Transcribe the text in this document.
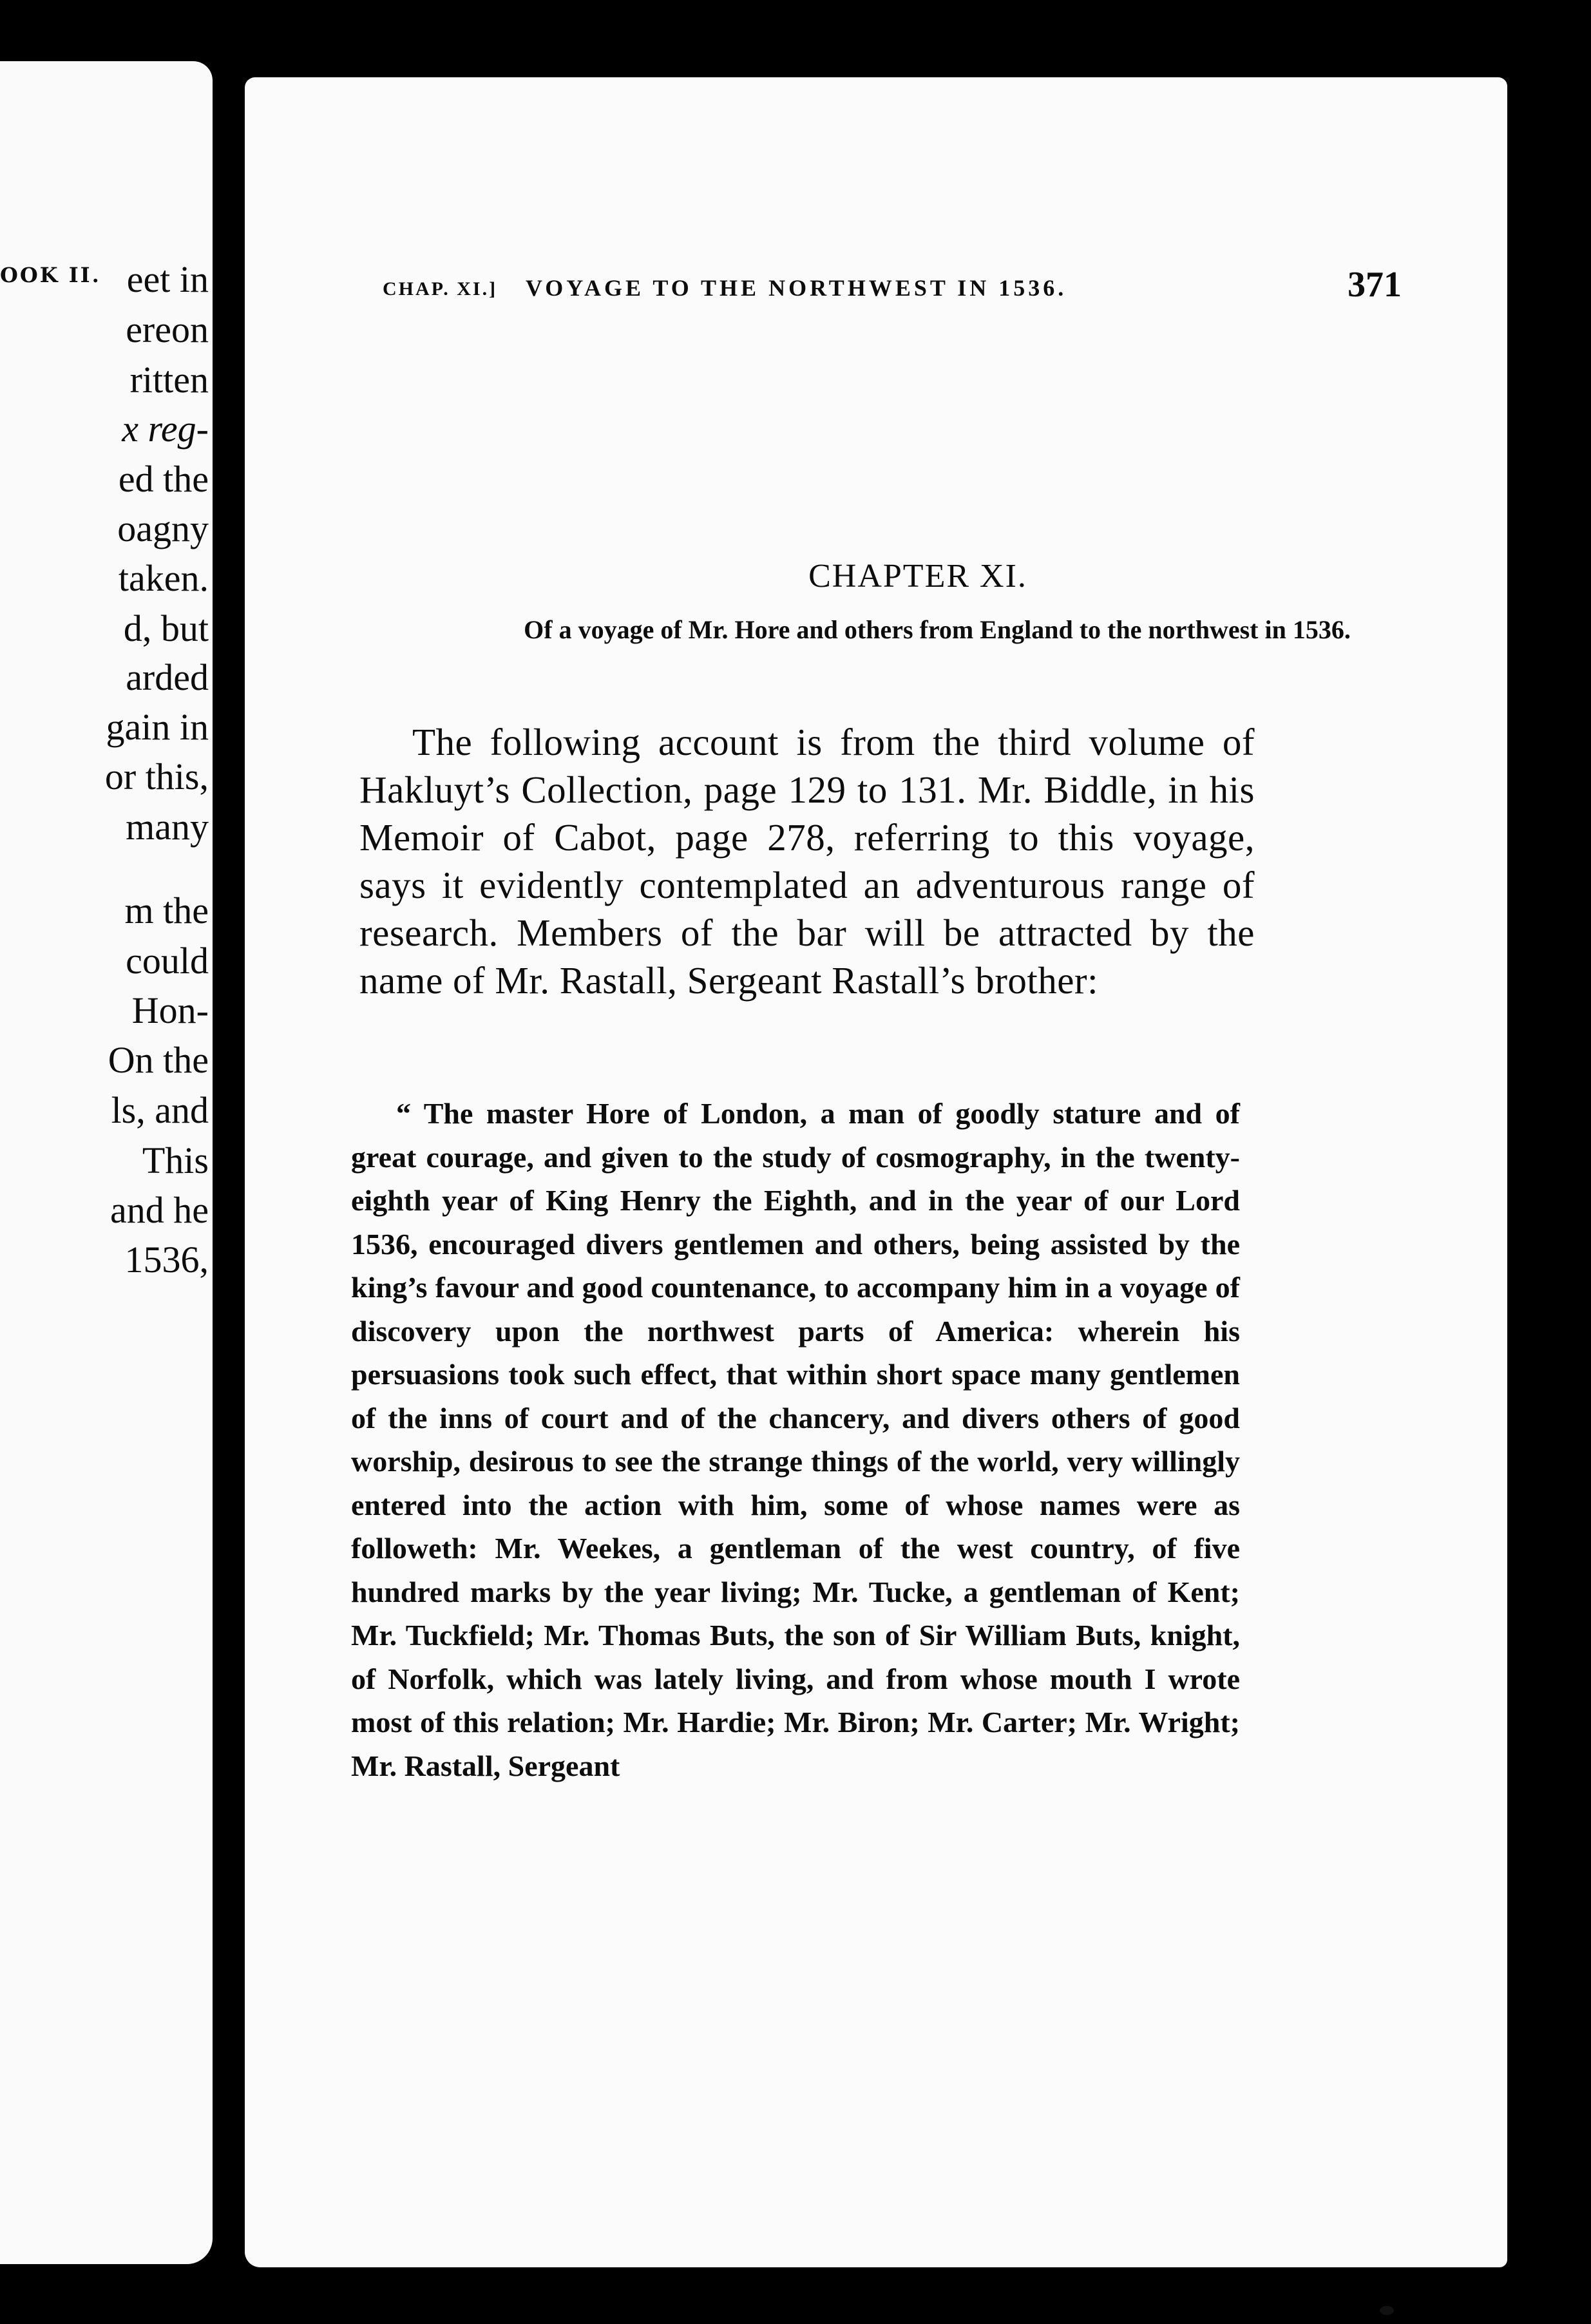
OOK II. eet in
ereon
ritten
x reg-
ed the
oagny
taken.
d, but
arded
gain in
or this,
many
m the
could
Hon-
On the
ls, and
This
and he
1536,
CHAP. XI.] VOYAGE TO THE NORTHWEST IN 1536.	371
CHAPTER XI.
Of a voyage of Mr. Hore and others from England to the northwest in 1536.
The following account is from the third volume of Hakluyt’s Collection, page 129 to 131. Mr. Biddle, in his Memoir of Cabot, page 278, referring to this voyage, says it evidently contemplated an adventurous range of research. Members of the bar will be attracted by the name of Mr. Rastall, Sergeant Rastall’s brother:
“ The master Hore of London, a man of goodly stature and of great courage, and given to the study of cosmography, in the twenty-eighth year of King Henry the Eighth, and in the year of our Lord 1536, encouraged divers gentlemen and others, being assisted by the king’s favour and good countenance, to accompany him in a voyage of discovery upon the northwest parts of America: wherein his persuasions took such effect, that within short space many gentlemen of the inns of court and of the chancery, and divers others of good worship, desirous to see the strange things of the world, very willingly entered into the action with him, some of whose names were as followeth: Mr. Weekes, a gentleman of the west country, of five hundred marks by the year living; Mr. Tucke, a gentleman of Kent; Mr. Tuckfield; Mr. Thomas Buts, the son of Sir William Buts, knight, of Norfolk, which was lately living, and from whose mouth I wrote most of this relation; Mr. Hardie; Mr. Biron; Mr. Carter; Mr. Wright; Mr. Rastall, Sergeant
